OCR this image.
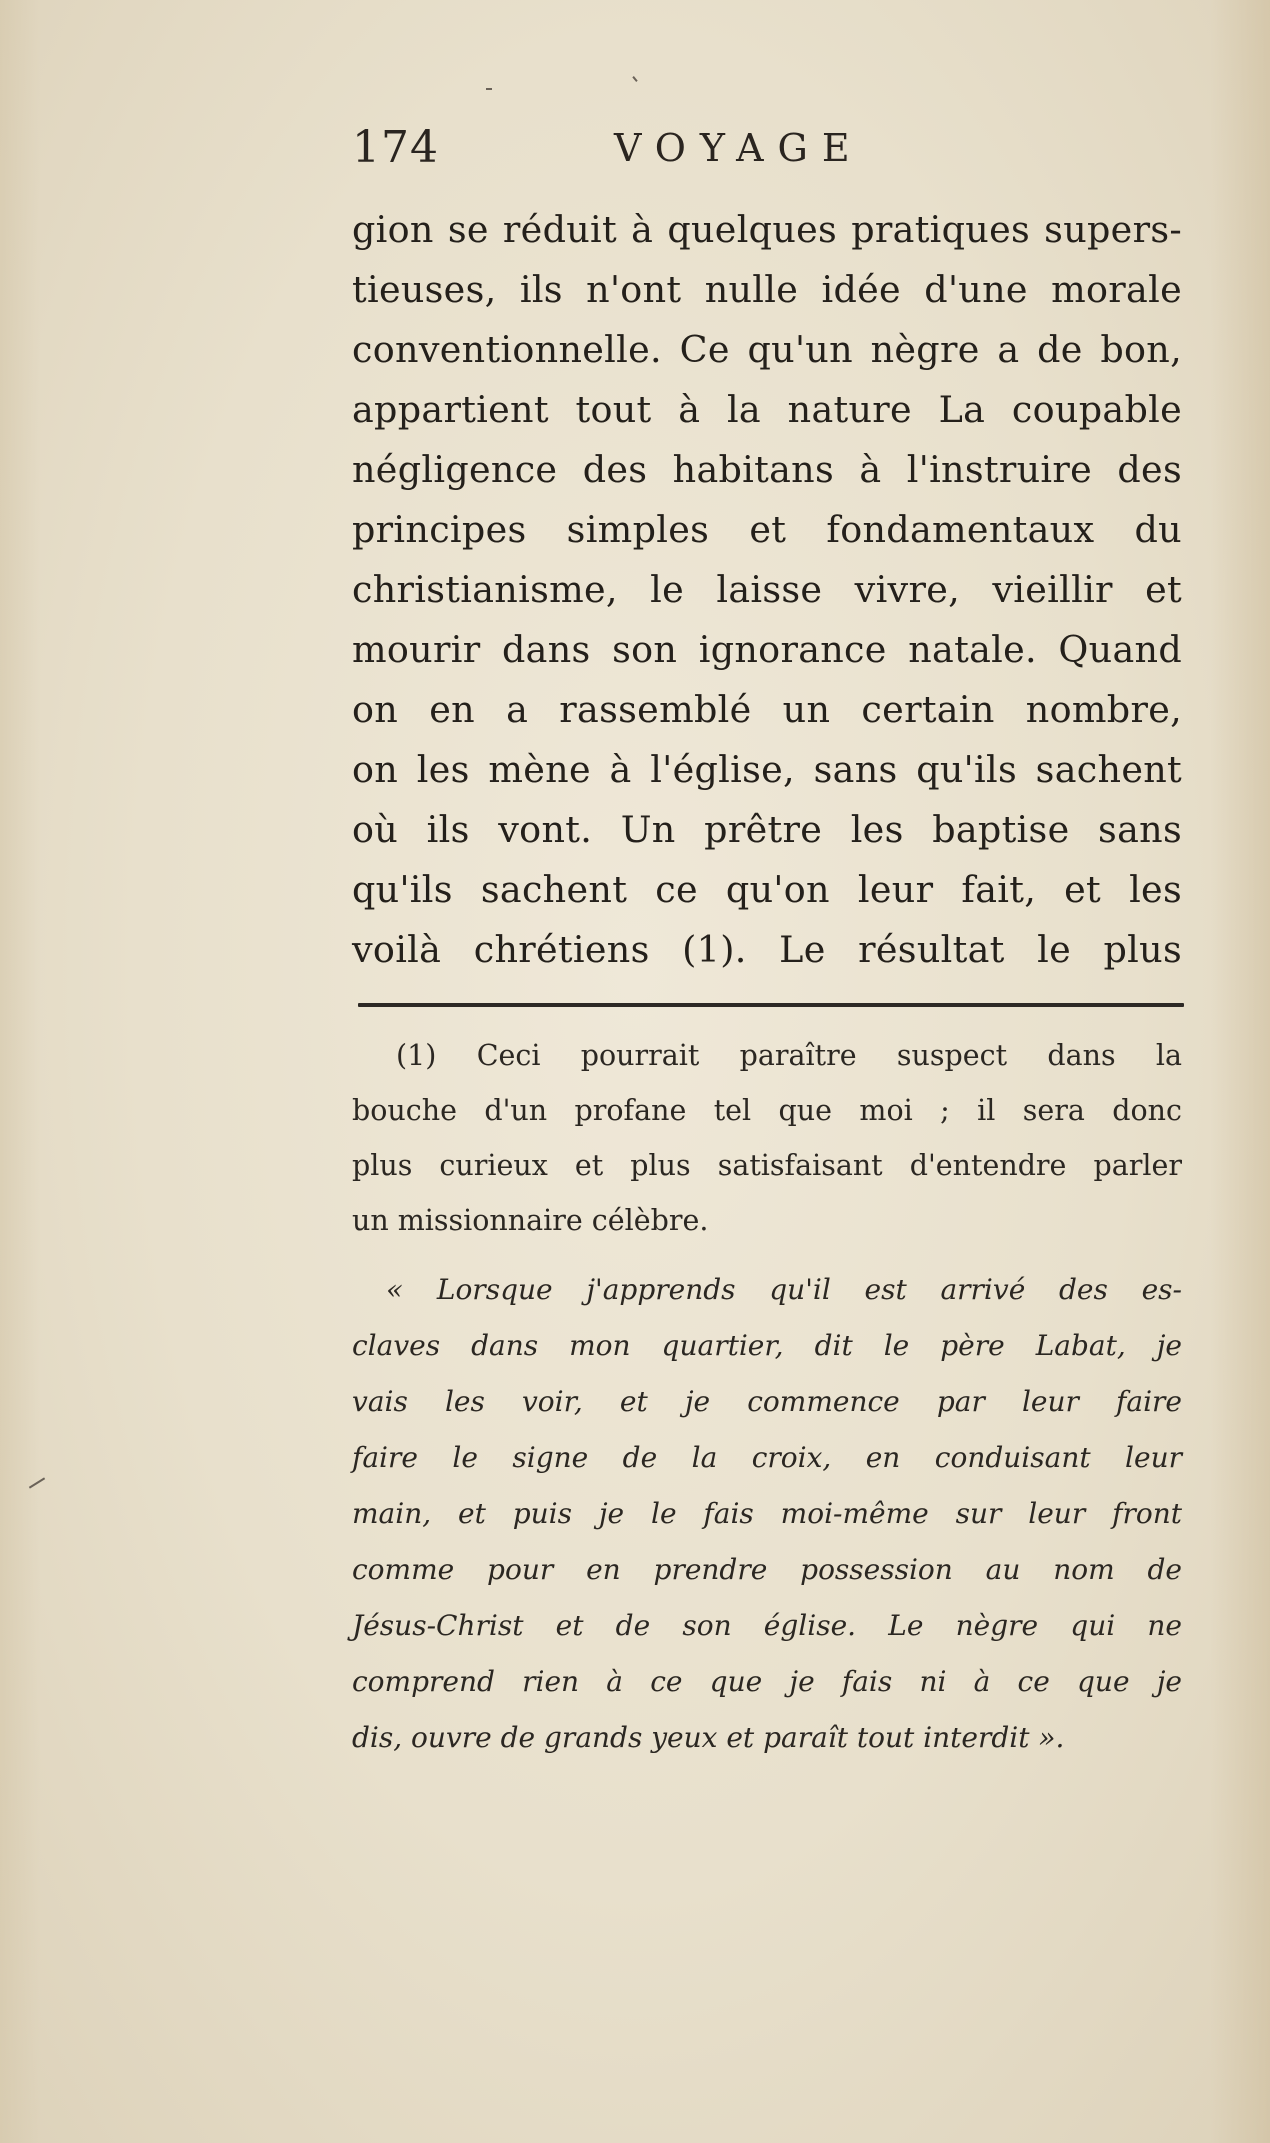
174	VOYAGE
gion se réduit à quelques pratiques supers-
tieuses, ils n'ont nulle idée d'une morale
conventionnelle. Ce qu'un nègre a de bon,
appartient tout à la nature La coupable
négligence des habitans à l'instruire des
principes simples et fondamentaux du
christianisme, le laisse vivre, vieillir et
mourir dans son ignorance natale. Quand
on en a rassemblé un certain nombre,
on les mène à l'église, sans qu'ils sachent
où ils vont. Un prêtre les baptise sans
qu'ils sachent ce qu'on leur fait, et les
voilà chrétiens (1). Le résultat le plus
(1) Ceci pourrait paraître suspect dans la
bouche d'un profane tel que moi ; il sera donc
plus curieux et plus satisfaisant d'entendre parler
un missionnaire célèbre.
« Lorsque j'apprends qu'il est arrivé des es-
claves dans mon quartier, dit le père Labat, je
vais les voir, et je commence par leur faire
faire le signe de la croix, en conduisant leur
main, et puis je le fais moi-même sur leur front
comme pour en prendre possession au nom de
Jésus-Christ et de son église. Le nègre qui ne
comprend rien à ce que je fais ni à ce que je
dis, ouvre de grands yeux et paraît tout interdit ».
